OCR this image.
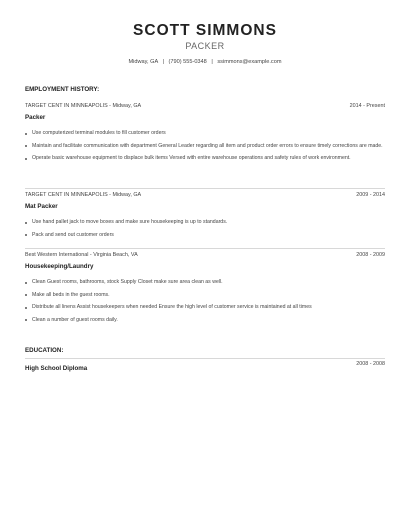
SCOTT SIMMONS
PACKER
Midway, GA | (790) 555-0348 | ssimmons@example.com
EMPLOYMENT HISTORY:
TARGET CENT IN MINNEAPOLIS - Midway, GA	2014 - Present
Packer
Use computerized terminal modules to fill customer orders
Maintain and facilitate communication with department General Leader regarding all item and product order errors to ensure timely corrections are made.
Operate basic warehouse equipment to displace bulk items Versed with entire warehouse operations and safety rules of work environment.
TARGET CENT IN MINNEAPOLIS - Midway, GA	2009 - 2014
Mat Packer
Use hand pallet jack to move boxes and make sure housekeeping is up to standards.
Pack and send out customer orders
Best Western International - Virginia Beach, VA	2008 - 2009
Housekeeping/Laundry
Clean Guest rooms, bathrooms, stock Supply Closet make sure area clean as well.
Make all beds in the guest rooms.
Distribute all linens Assist housekeepers when needed Ensure the high level of customer service is maintained at all times
Clean a number of guest rooms daily.
EDUCATION:
2008 - 2008
High School Diploma
